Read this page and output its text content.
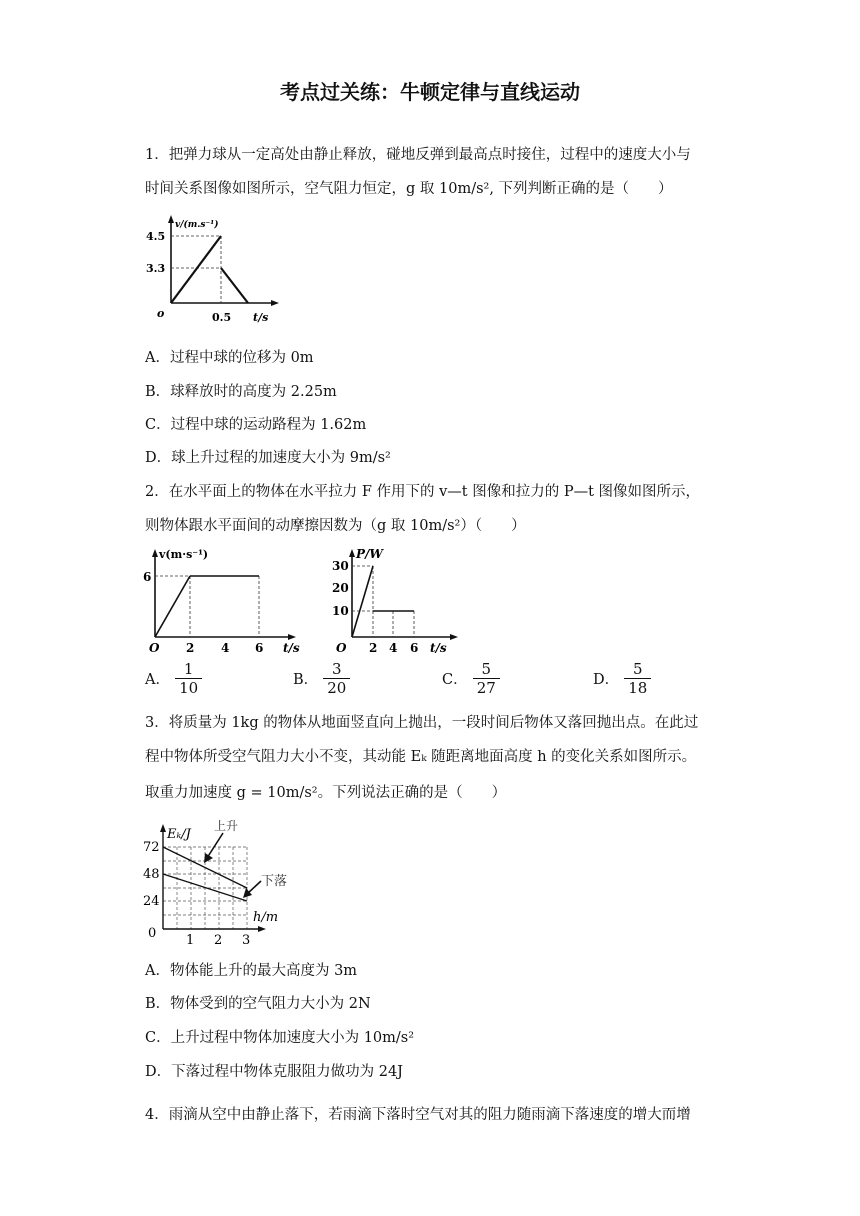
考点过关练：牛顿定律与直线运动
1．把弹力球从一定高处由静止释放，碰地反弹到最高点时接住，过程中的速度大小与
时间关系图像如图所示，空气阻力恒定，g 取 10m/s², 下列判断正确的是（　　）
v/(m.s⁻¹)
4.5
3.3
o	0.5 t/s
A．过程中球的位移为 0m
B．球释放时的高度为 2.25m
C．过程中球的运动路程为 1.62m
D．球上升过程的加速度大小为 9m/s²
2．在水平面上的物体在水平拉力 F 作用下的 v—t 图像和拉力的 P—t 图像如图所示，
则物体跟水平面间的动摩擦因数为（g 取 10m/s²）（　　）
v(m·s⁻¹)
6
O 2 4 6 t/s
P/W
30
20
10
O 2 4 6 t/s
A． $\frac{1}{10}$	B． $\frac{3}{20}$	C． $\frac{5}{27}$	D． $\frac{5}{18}$
3．将质量为 1kg 的物体从地面竖直向上抛出，一段时间后物体又落回抛出点。在此过
程中物体所受空气阻力大小不变，其动能 Eₖ 随距离地面高度 h 的变化关系如图所示。
取重力加速度 g = 10m/s²。下列说法正确的是（　　）
Eₖ/J
上升
下落
72
48
24
0 1 2 3
h/m
A．物体能上升的最大高度为 3m
B．物体受到的空气阻力大小为 2N
C．上升过程中物体加速度大小为 10m/s²
D．下落过程中物体克服阻力做功为 24J
4．雨滴从空中由静止落下，若雨滴下落时空气对其的阻力随雨滴下落速度的增大而增
